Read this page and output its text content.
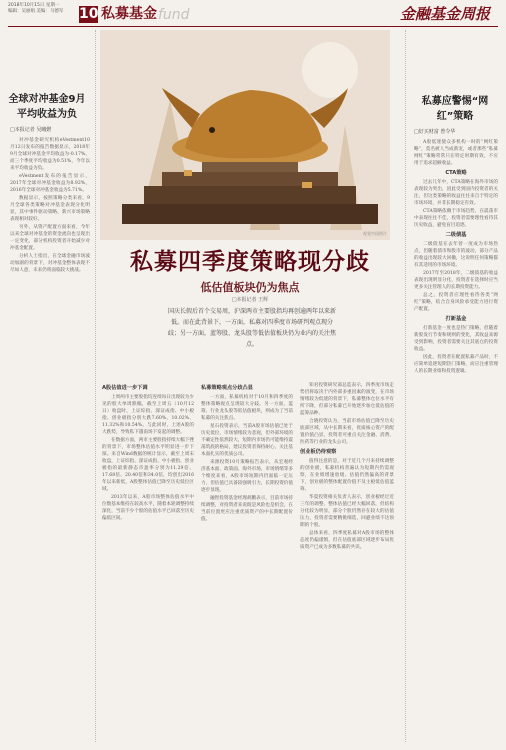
2018年10月15日 星期一
编辑：吴丽娟 美编：马德军 10 私募基金 fund	金融基金周报
全球对冲基金9月平均收益为负
□本报记者 吴曦燃

对冲基金研究机构eVestment10月12日发布的报告数据显示，2018年9月全球对冲基金平均收益为-0.17%，而三个季度平均收益为0.51%，今年以来平均收益为负。

eVestment发布的报告显示，2017年全球对冲基金收益为8.92%，2016年全球对冲基金收益为5.71%。

数据显示，按照策略分类来看，9月全球各类策略对冲基金表现分化明显，其中事件驱动策略、新兴市场策略表现相对较好。

另外，从资产配置方面来看，今年以来全球对冲基金的资金流向也呈现出一定变化，部分机构投资者开始减少对冲基金配置。

分析人士指出，在全球金融市场波动加剧的背景下，对冲基金整体表现不尽如人意，未来仍将面临较大挑战。

视觉中国图片
私募四季度策略现分歧
低估值板块仍为焦点
□本报记者 王辉
国庆长假后首个交易周，沪深两市主要股指均再创逾两年以来新低。而在此背景下，一方面，私募对四季度市场研判观点现分歧；另一方面，蓝筹股、龙头股等低估值板块仍为业内的关注焦点。
A股估值进一步下调

上周两市主要股指均连续每日出现较为少见的股大单周跌幅，截至上周五（10月12日）收盘时，上证综指、深证成指、中小板指、创业板指分别大跌7.60%、10.02%、11.32%和10.54%。与此同时，上述A股的大跌势，导致私下越南场下发起的调整。

在数据方面，两市主要股指持续大幅下挫的背景下，市场整体估值水平明显进一步下探。来自Wind数据的统计显示，截至上周末收盘，上证综指、深证成指、中小板指、创业板指的最新静态市盈率分别为11.29倍、17.68倍、20.40倍和34.0倍，均创出2016年以来新低，A股整体估值已降至历史低位区域。

2013年以来，A股市场整体估值水平中位数基本维持在较高水平，随着本轮调整持续深化，当前不少个股的估值水平已回落至历史偏低区间。

私募策略观点分歧凸显

一方面，私募机构对于10月和四季度的整体策略观点呈现较大分歧。另一方面，蓝筹、行业龙头股等低估值板块，则成为了当前私募的关注焦点。

星石投资表示，当前A股市场估值已处于历史低位，市场情绪较为悲观，但外部环境的不确定性依然较大，短期内市场仍可能维持震荡筑底的格局，建议投资者保持耐心，关注基本面扎实的优质公司。

来源投资10月策略报告表示，从宏观经济基本面、政策面、海外市场、市场情绪等多个维度来看，A股市场短期内仍面临一定压力，但估值已具备较强吸引力，长期投资价值逐步显现。

融智投资基金经理胡鹏表示，目前市场持续调整，对投资者来说既是风险也是机会，在当前位置更应注重优质资产的中长期配置价值。

知君投资研究部总监表示，四季度市场走势仍将取决于内外部多重因素的演变，在市场情绪较为低迷的背景下，私募整体仓位水平有所下降，但部分私募已开始逐步加仓低估值的蓝筹品种。

合晓投资认为，当前市场估值已降至历史底部区域，从中长期来看，优质核心资产的配置价值凸显，投资者可重点关注金融、消费、医药等行业的龙头公司。

创业板仍待观察

值得注意的是，对于近几个月来持续调整的创业板，私募机构普遍认为短期内仍需观察，在业绩增速放缓、估值仍然偏高的背景下，创业板的整体配置价值不及主板低估值蓝筹。

华夏投资相关负责人表示，创业板经过近三年的调整，整体估值已经大幅回落，但结构分化较为明显，部分个股仍然存在较大的估值压力，投资者需要精挑细选，回避业绩不达预期的个股。

总体来看，四季度私募对A股市场的整体态度仍偏谨慎，但在估值底部区域逐步布局优质资产已成为多数私募的共识。

私募应警惕“网红”策略
□好买财富 曾令华

A股低迷使众多机构一时的“网红策略”，莫名被人当成新宠，或者那些“私募网红”策略常常只在特定时期有效，不应用于追求超额收益。

CTA策略

过去几年中，CTA策略在海外市场的表现较为突出，因此受到国内投资者的关注，但这类策略的收益往往来自于特定的市场环境，并非长期稳定有效。

CTA策略依赖于市场趋势，在震荡市中表现往往不佳，投资者需要理性看待其历史收益，避免盲目追逐。

二级债基

二级债基在去年曾一度成为市场热点，但随着债市和股市的波动，部分产品的收益出现较大回撤，这说明任何策略都有其适用的市场环境。

2017年至2018年，二级债基的收益表现出现明显分化，投资者在选择时应当更多关注管理人的长期投资能力。

总之，投资者应理性看待各类“网红”策略，结合自身风险承受能力进行资产配置。

打新基金

打新基金一度也是热门策略，但随着新股发行节奏和规则的变化，其收益来源受到影响，投资者需要关注其底仓的投资收益。

因此，投资者在配置私募产品时，不应简单追逐短期热门策略，而应注重管理人的长期业绩和投资逻辑。
